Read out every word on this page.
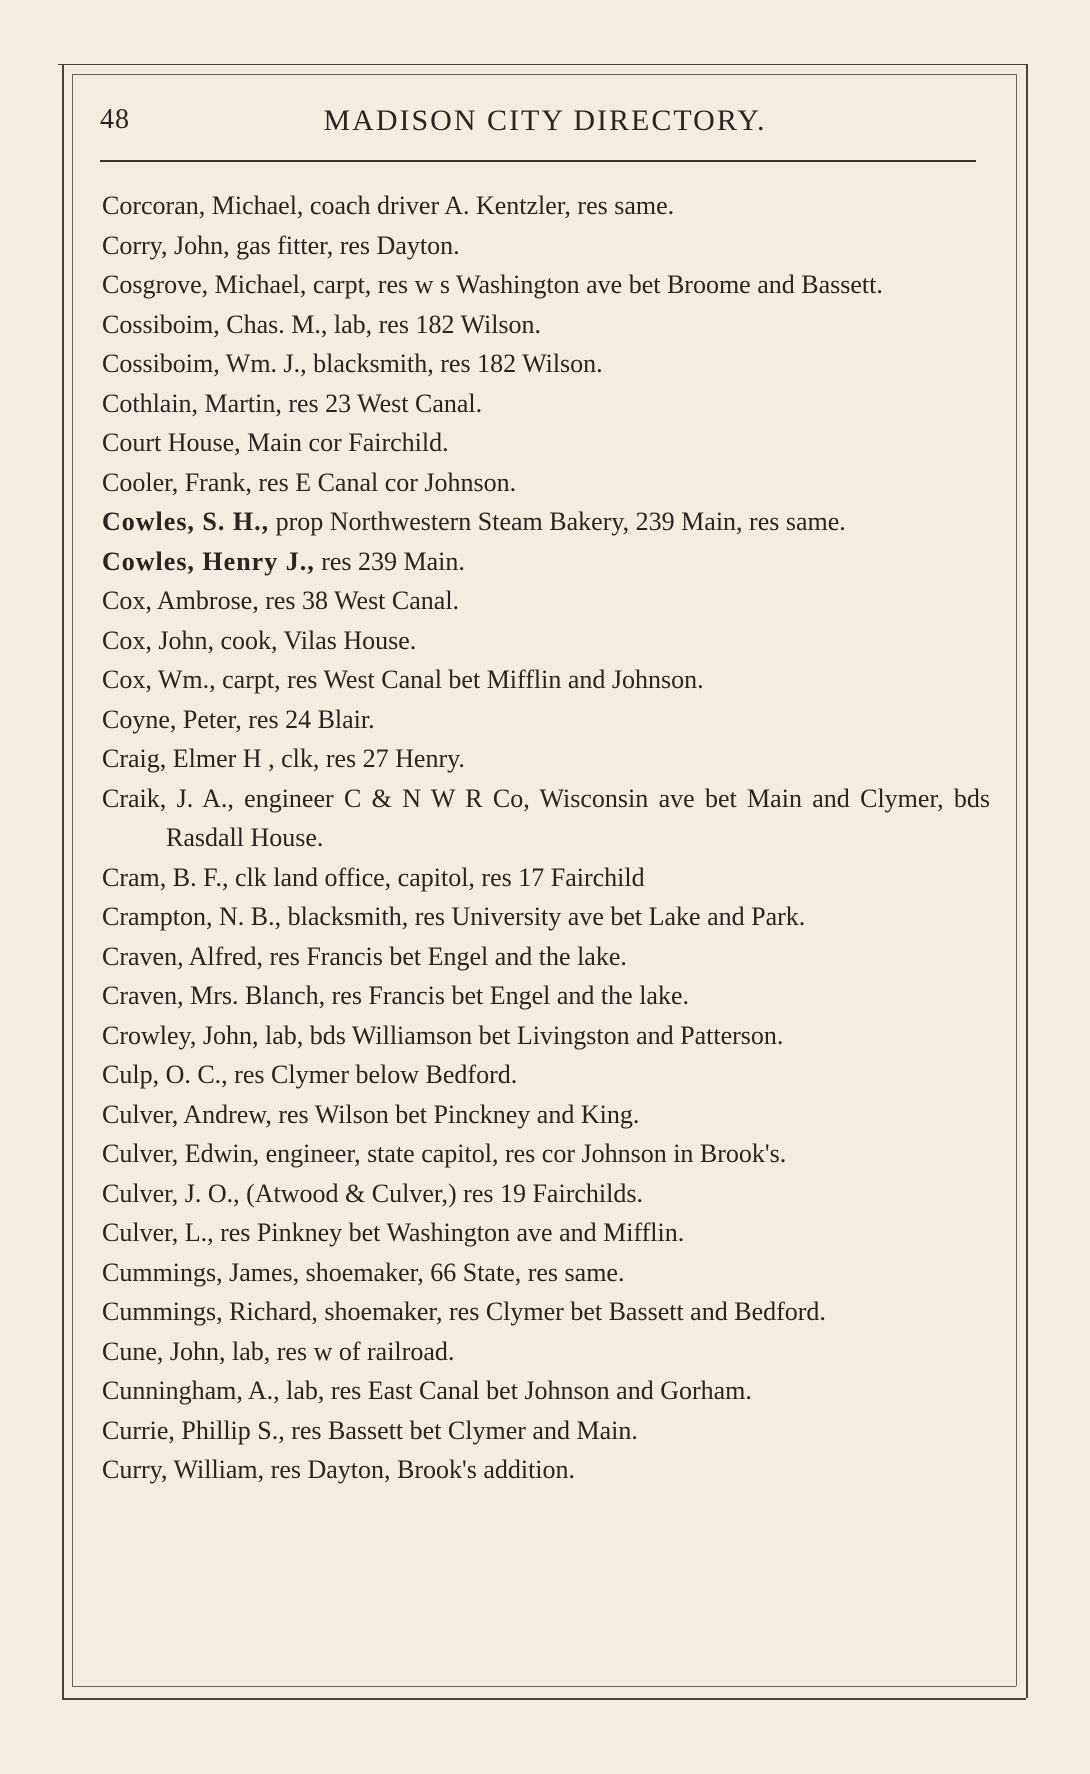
48	MADISON CITY DIRECTORY.

Corcoran, Michael, coach driver A. Kentzler, res same.

Corry, John, gas fitter, res Dayton.

Cosgrove, Michael, carpt, res w s Washington ave bet Broome and Bassett.

Cossiboim, Chas. M., lab, res 182 Wilson.

Cossiboim, Wm. J., blacksmith, res 182 Wilson.

Cothlain, Martin, res 23 West Canal.

Court House, Main cor Fairchild.

Cooler, Frank, res E Canal cor Johnson.

Cowles, S. H., prop Northwestern Steam Bakery, 239 Main, res same.

Cowles, Henry J., res 239 Main.

Cox, Ambrose, res 38 West Canal.

Cox, John, cook, Vilas House.

Cox, Wm., carpt, res West Canal bet Mifflin and Johnson.

Coyne, Peter, res 24 Blair.

Craig, Elmer H , clk, res 27 Henry.

Craik, J. A., engineer C & N W R Co, Wisconsin ave bet Main and Clymer, bds Rasdall House.

Cram, B. F., clk land office, capitol, res 17 Fairchild

Crampton, N. B., blacksmith, res University ave bet Lake and Park.

Craven, Alfred, res Francis bet Engel and the lake.

Craven, Mrs. Blanch, res Francis bet Engel and the lake.

Crowley, John, lab, bds Williamson bet Livingston and Patterson.

Culp, O. C., res Clymer below Bedford.

Culver, Andrew, res Wilson bet Pinckney and King.

Culver, Edwin, engineer, state capitol, res cor Johnson in Brook's.

Culver, J. O., (Atwood & Culver,) res 19 Fairchilds.

Culver, L., res Pinkney bet Washington ave and Mifflin.

Cummings, James, shoemaker, 66 State, res same.

Cummings, Richard, shoemaker, res Clymer bet Bassett and Bedford.

Cune, John, lab, res w of railroad.

Cunningham, A., lab, res East Canal bet Johnson and Gorham.

Currie, Phillip S., res Bassett bet Clymer and Main.

Curry, William, res Dayton, Brook's addition.
